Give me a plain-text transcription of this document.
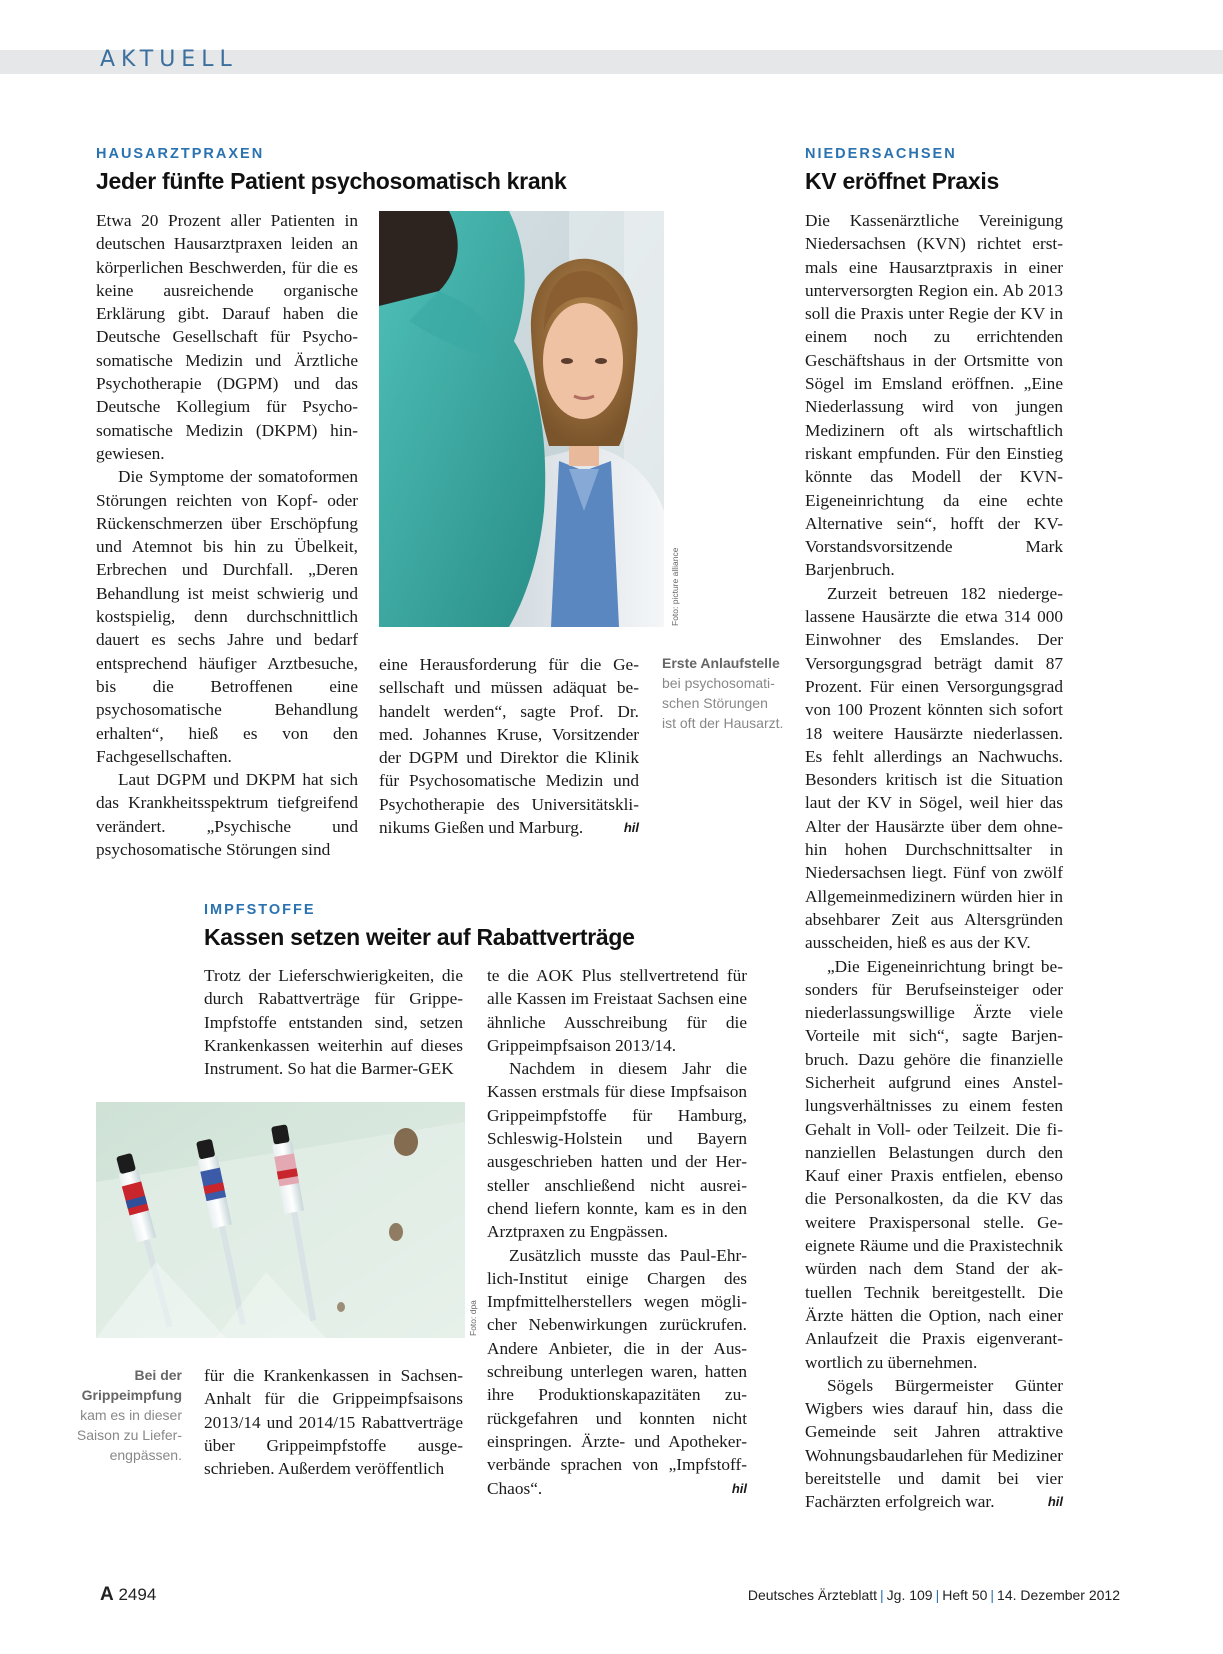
AKTUELL
HAUSARZTPRAXEN
Jeder fünfte Patient psychosomatisch krank

Etwa 20 Prozent aller Patienten in deutschen Hausarztpraxen leiden an körperlichen Beschwerden, für die es keine ausreichende organische Erklärung gibt. Darauf haben die Deutsche Gesellschaft für Psychosomatische Medizin und Ärztliche Psychotherapie (DGPM) und das Deutsche Kollegium für Psychosomatische Medizin (DKPM) hingewiesen.

Die Symptome der somatoformen Störungen reichten von Kopf- oder Rückenschmerzen über Erschöpfung und Atemnot bis hin zu Übelkeit, Erbrechen und Durchfall. „Deren Behandlung ist meist schwierig und kostspielig, denn durchschnittlich dauert es sechs Jahre und bedarf entsprechend häufiger Arztbesuche, bis die Betroffenen eine psychosomatische Behandlung erhalten“, hieß es von den Fachgesellschaften.

Laut DGPM und DKPM hat sich das Krankheitsspektrum tiefgreifend verändert. „Psychische und psychosomatische Störungen sind

Foto: picture alliance

eine Herausforderung für die Gesellschaft und müssen adäquat behandelt werden“, sagte Prof. Dr. med. Johannes Kruse, Vorsitzender der DGPM und Direktor die Klinik für Psychosomatische Medizin und Psychotherapie des Universitätsklinikums Gießen und Marburg.	hil

Erste Anlaufstelle
bei psychosomatischen Störungen ist oft der Hausarzt.
NIEDERSACHSEN
KV eröffnet Praxis

Die Kassenärztliche Vereinigung Niedersachsen (KVN) richtet erstmals eine Hausarztpraxis in einer unterversorgten Region ein. Ab 2013 soll die Praxis unter Regie der KV in einem noch zu errichtenden Geschäftshaus in der Ortsmitte von Sögel im Emsland eröffnen. „Eine Niederlassung wird von jungen Medizinern oft als wirtschaftlich riskant empfunden. Für den Einstieg könnte das Modell der KVN-Eigeneinrichtung da eine echte Alternative sein“, hofft der KV-Vorstandsvorsitzende Mark Barjenbruch.

Zurzeit betreuen 182 niedergelassene Hausärzte die etwa 314 000 Einwohner des Emslandes. Der Versorgungsgrad beträgt damit 87 Prozent. Für einen Versorgungsgrad von 100 Prozent könnten sich sofort 18 weitere Hausärzte niederlassen. Es fehlt allerdings an Nachwuchs. Besonders kritisch ist die Situation laut der KV in Sögel, weil hier das Alter der Hausärzte über dem ohnehin hohen Durchschnittsalter in Niedersachsen liegt. Fünf von zwölf Allgemeinmedizinern würden hier in absehbarer Zeit aus Altersgründen ausscheiden, hieß es aus der KV.

„Die Eigeneinrichtung bringt besonders für Berufseinsteiger oder niederlassungswillige Ärzte viele Vorteile mit sich“, sagte Barjenbruch. Dazu gehöre die finanzielle Sicherheit aufgrund eines Anstellungsverhältnisses zu einem festen Gehalt in Voll- oder Teilzeit. Die finanziellen Belastungen durch den Kauf einer Praxis entfielen, ebenso die Personalkosten, da die KV das weitere Praxispersonal stelle. Geeignete Räume und die Praxistechnik würden nach dem Stand der aktuellen Technik bereitgestellt. Die Ärzte hätten die Option, nach einer Anlaufzeit die Praxis eigenverantwortlich zu übernehmen.

Sögels Bürgermeister Günter Wigbers wies darauf hin, dass die Gemeinde seit Jahren attraktive Wohnungsbaudarlehen für Mediziner bereitstelle und damit bei vier Fachärzten erfolgreich war.	hil

IMPFSTOFFE
Kassen setzen weiter auf Rabattverträge

Trotz der Lieferschwierigkeiten, die durch Rabattverträge für Grippe-Impfstoffe entstanden sind, setzen Krankenkassen weiterhin auf dieses Instrument. So hat die Barmer-GEK

Foto: dpa
Bei der Grippeimpfung
kam es in dieser Saison zu Lieferengpässen.

für die Krankenkassen in Sachsen-Anhalt für die Grippeimpfsaisons 2013/14 und 2014/15 Rabattverträge über Grippeimpfstoffe ausgeschrieben. Außerdem veröffentlich

te die AOK Plus stellvertretend für alle Kassen im Freistaat Sachsen eine ähnliche Ausschreibung für die Grippeimpfsaison 2013/14.

Nachdem in diesem Jahr die Kassen erstmals für diese Impfsaison Grippeimpfstoffe für Hamburg, Schleswig-Holstein und Bayern ausgeschrieben hatten und der Hersteller anschließend nicht ausreichend liefern konnte, kam es in den Arztpraxen zu Engpässen.

Zusätzlich musste das Paul-Ehrlich-Institut einige Chargen des Impfmittelherstellers wegen möglicher Nebenwirkungen zurückrufen. Andere Anbieter, die in der Ausschreibung unterlegen waren, hatten ihre Produktionskapazitäten zurückgefahren und konnten nicht einspringen. Ärzte- und Apothekerverbände sprachen von „Impfstoff-Chaos“.	hil

A 2494	Deutsches Ärzteblatt | Jg. 109 | Heft 50 | 14. Dezember 2012
